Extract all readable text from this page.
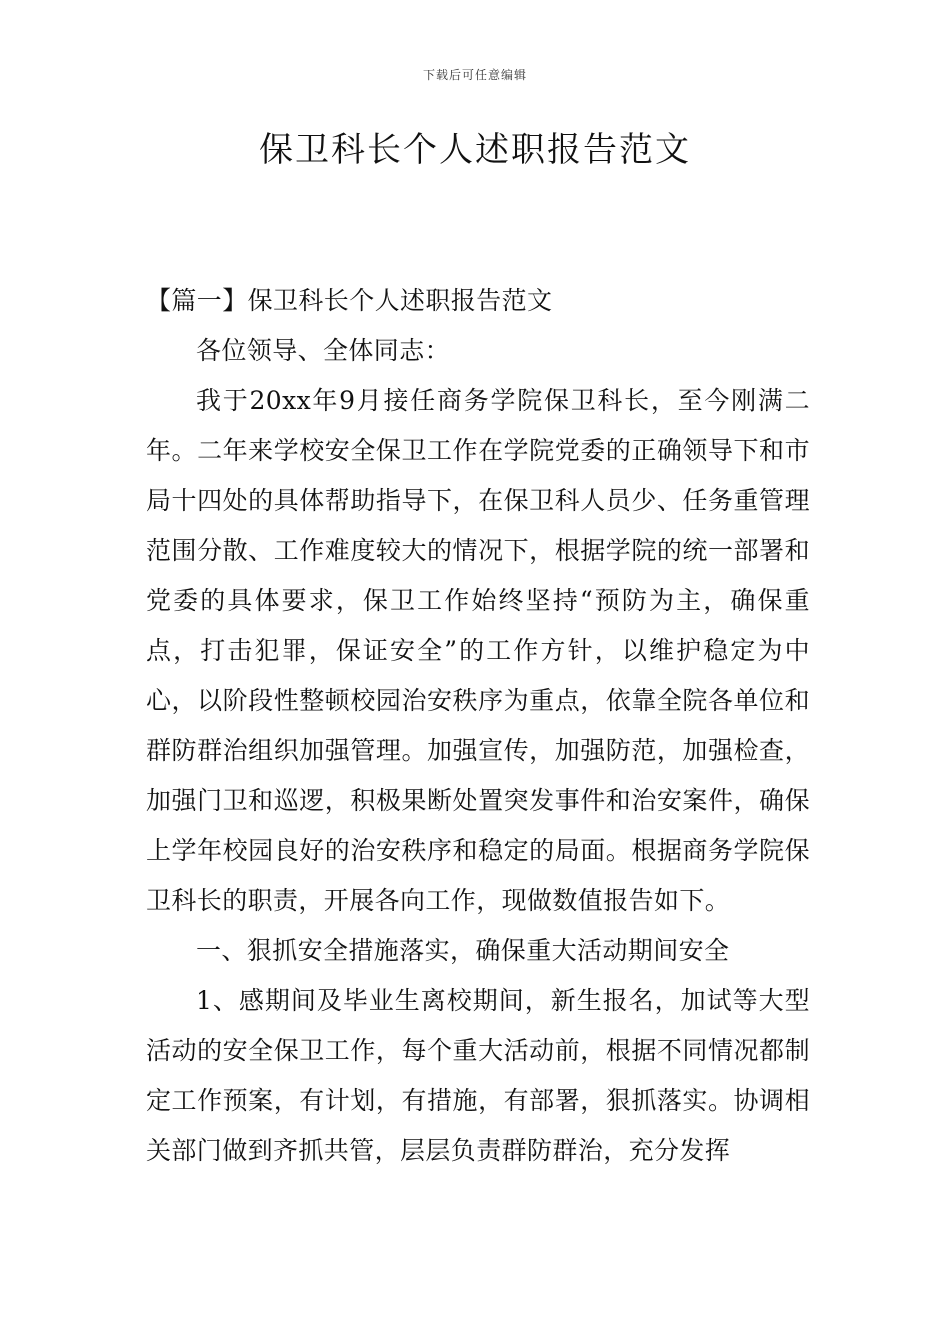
下载后可任意编辑
保卫科长个人述职报告范文

【篇一】保卫科长个人述职报告范文

各位领导、全体同志：

我于20xx年9月接任商务学院保卫科长，至今刚满二年。二年来学校安全保卫工作在学院党委的正确领导下和市局十四处的具体帮助指导下，在保卫科人员少、任务重管理范围分散、工作难度较大的情况下，根据学院的统一部署和党委的具体要求，保卫工作始终坚持“预防为主，确保重点，打击犯罪，保证安全”的工作方针，以维护稳定为中心，以阶段性整顿校园治安秩序为重点，依靠全院各单位和群防群治组织加强管理。加强宣传，加强防范，加强检查，加强门卫和巡逻，积极果断处置突发事件和治安案件，确保上学年校园良好的治安秩序和稳定的局面。根据商务学院保卫科长的职责，开展各向工作，现做数值报告如下。

一、狠抓安全措施落实，确保重大活动期间安全

1、感期间及毕业生离校期间，新生报名，加试等大型活动的安全保卫工作，每个重大活动前，根据不同情况都制定工作预案，有计划，有措施，有部署，狠抓落实。协调相关部门做到齐抓共管，层层负责群防群治，充分发挥
